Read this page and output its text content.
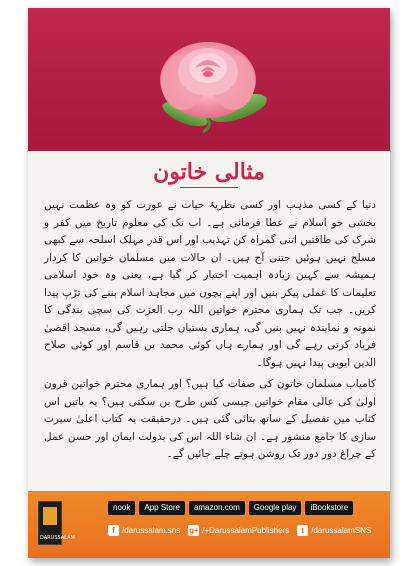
مثالی خاتون

دنیا کے کسی مذہب اور کسی نظریۂ حیات نے عورت کو وہ عظمت نہیں بخشی جو اسلام نے عطا فرمائی ہے۔ اب تک کی معلوم تاریخ میں کفر و شرک کی طاقتیں اتنی گمراہ کن تہذیب اور اس قدر مہلک اسلحہ سے کبھی مسلح نہیں ہوئیں جتنی آج ہیں۔ ان حالات میں مسلمان خواتین کا کردار ہمیشہ سے کہیں زیادہ اہمیت اختیار کر گیا ہے، یعنی وہ خود اسلامی تعلیمات کا عملی پیکر بنیں اور اپنے بچوں میں مجاہد اسلام بننے کی تڑپ پیدا کریں۔ جب تک ہماری محترم خواتین اللہ رب العزت کی سچی بندگی کا نمونہ و نمایندہ نہیں بنیں گی، ہماری بستیاں جلتی رہیں گی، مسجد اقصیٰ فریاد کرتی رہے گی اور ہمارے ہاں کوئی محمد بن قاسم اور کوئی صلاح الدین ایوبی پیدا نہیں ہوگا۔

کامیاب مسلمان خاتون کی صفات کیا ہیں؟ اور ہماری محترم خواتین قرون اولیٰ کی عالی مقام خواتین جیسی کس طرح بن سکتی ہیں؟ یہ باتیں اس کتاب میں تفصیل کے ساتھ بتائی گئی ہیں۔ درحقیقت یہ کتاب اعلیٰ سیرت سازی کا جامع منشور ہے۔ ان شاء اللہ اس کی بدولت ایمان اور حسن عمل کے چراغ دور دور تک روشن ہوتے چلے جائیں گے۔

DARUSSALAM
nook	App Store	amazon.com	Google play	iBookstore
f /darussalam.sns g+ /+DarussalamPublishers	t /darussalamSNS
